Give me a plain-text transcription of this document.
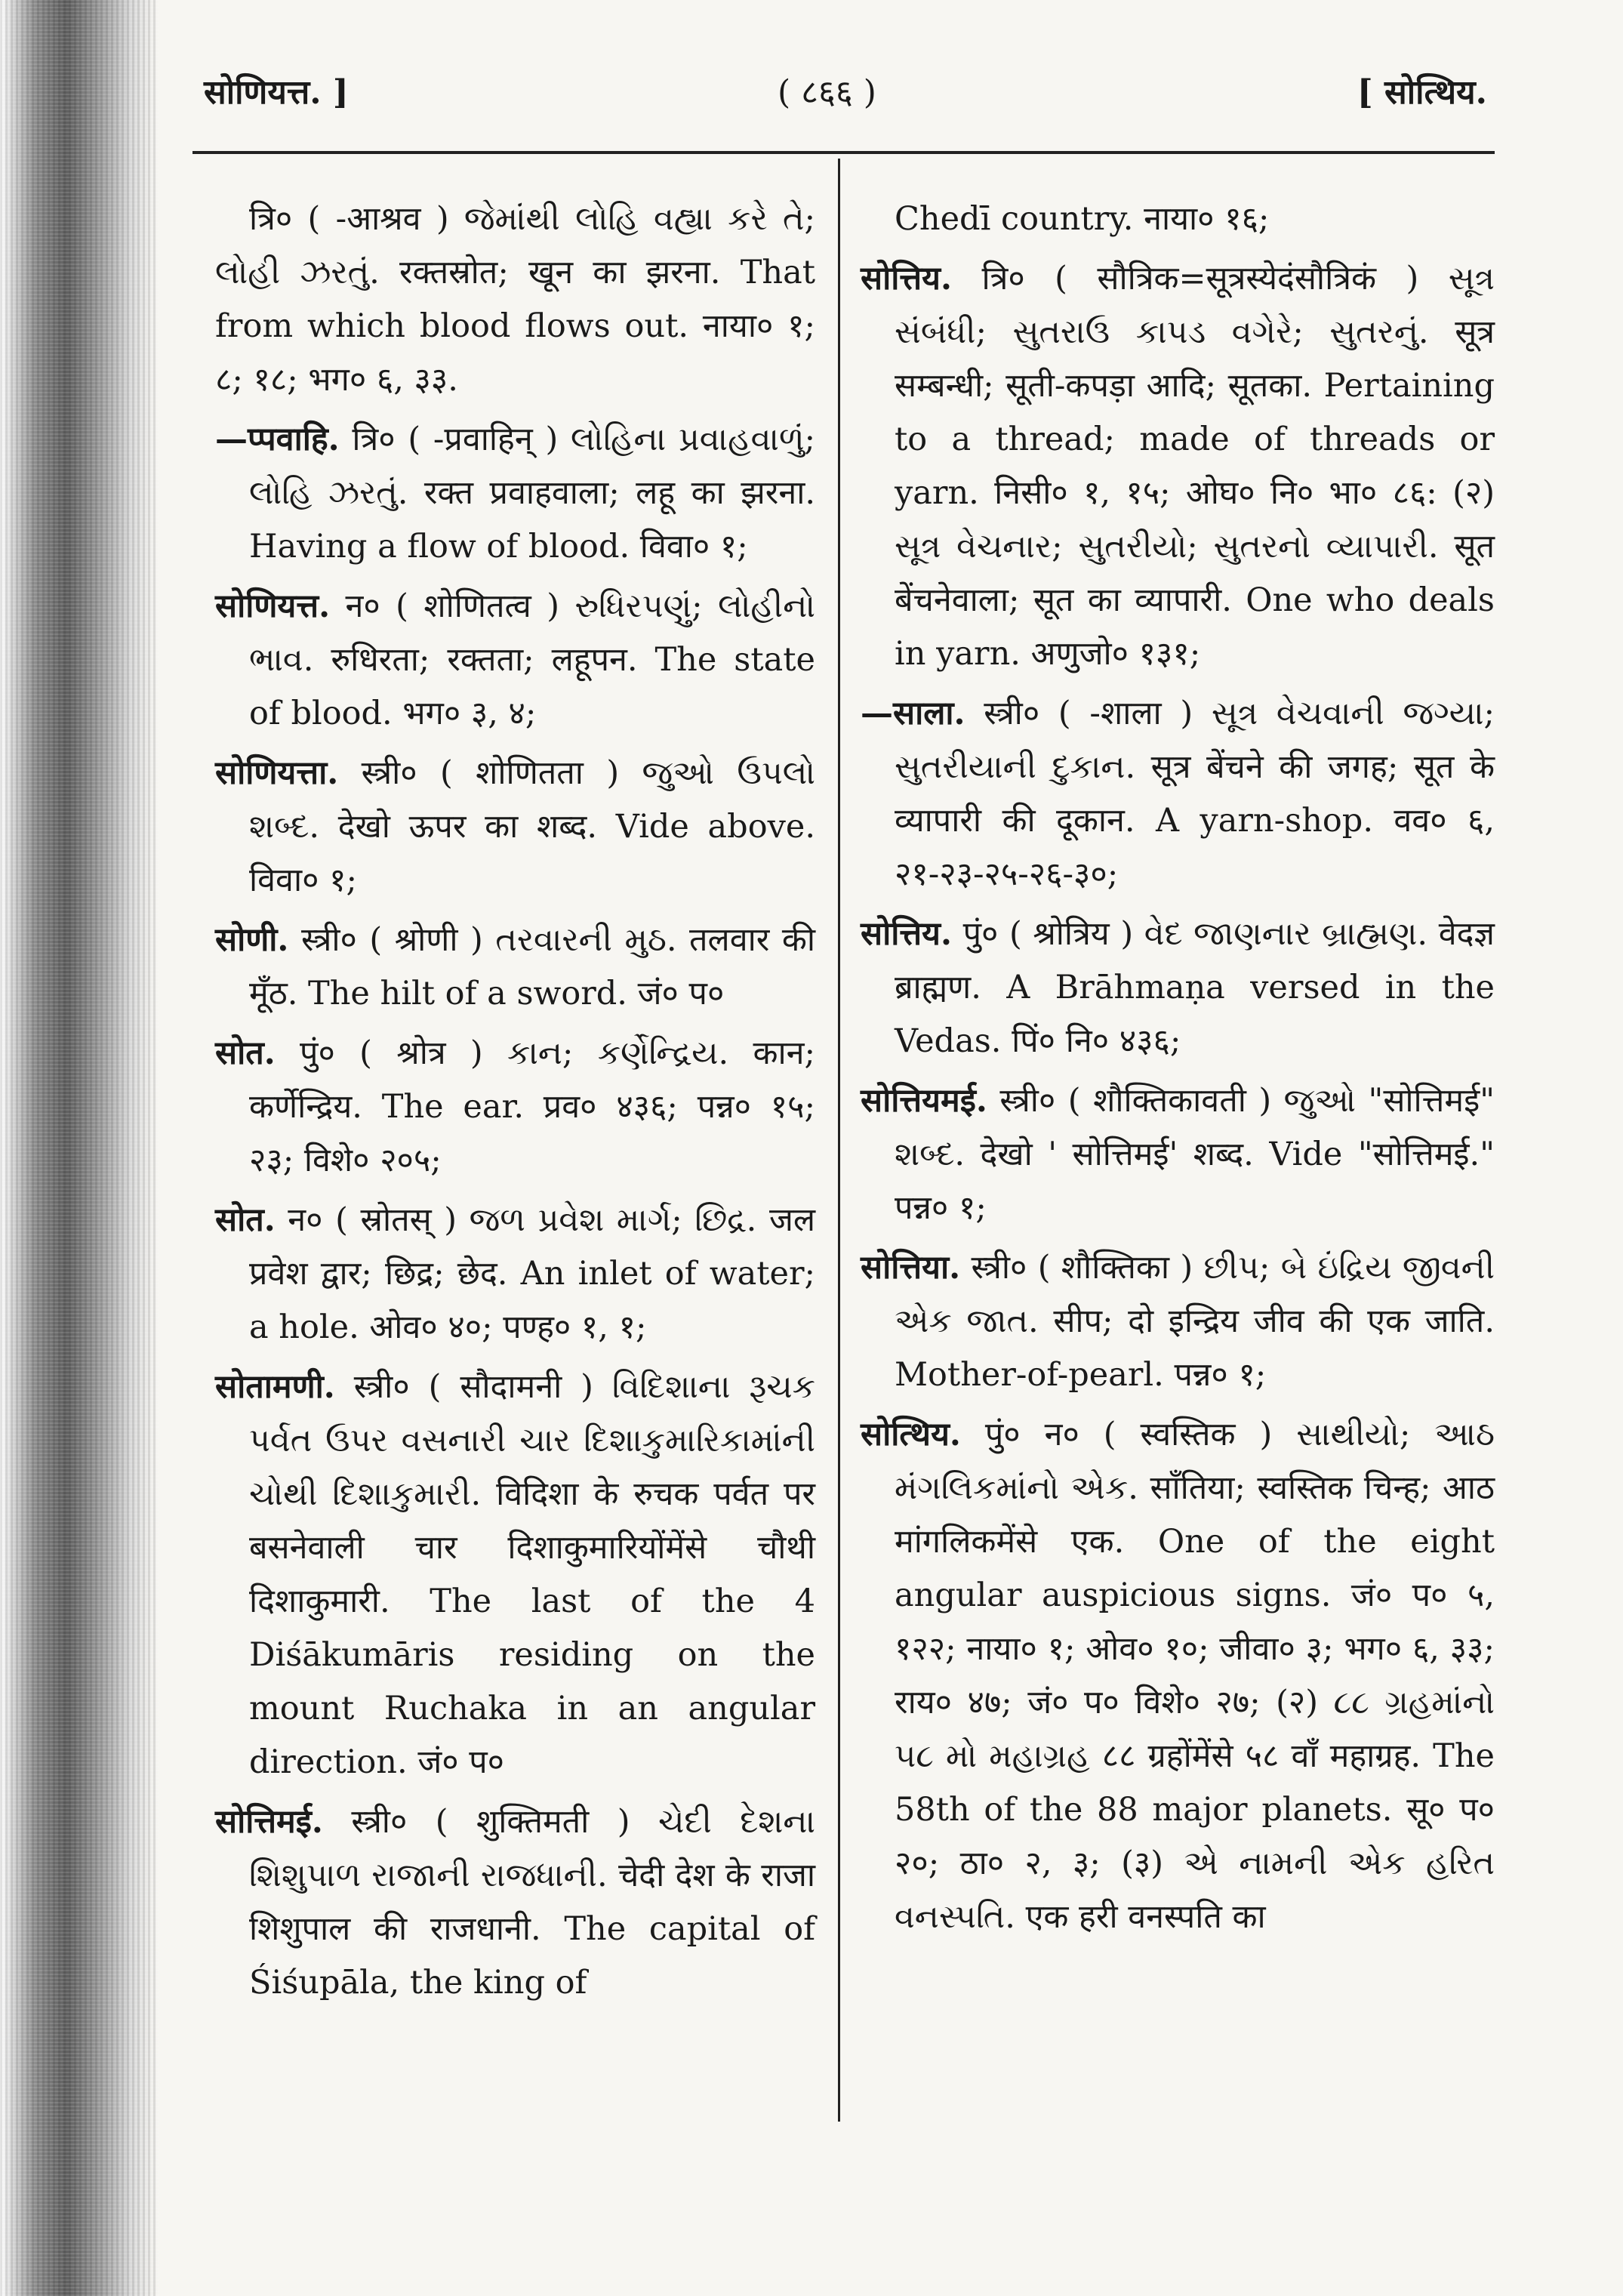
सोणियत्त. ]	( ८६६ )	[ सोत्थिय.

त्रि० ( -आश्रव ) જેમાંથી લોહિ વહ્યા કરે તે; લોહી ઝરતું. रक्तस्रोत; खून का झरना. That from which blood flows out. नाया० १; ८; १८; भग० ६, ३३.

—प्पवाहि. त्रि० ( -प्रवाहिन् ) લોહિના પ્રવાહવાળું; લોહિ ઝરતું. रक्त प्रवाहवाला; लहू का झरना. Having a flow of blood. विवा० १;

सोणियत्त. न० ( शोणितत्व ) રુધિરપણું; લોહીનો ભાવ. रुधिरता; रक्तता; लहूपन. The state of blood. भग० ३, ४;

सोणियत्ता. स्त्री० ( शोणितता ) જુઓ ઉપલો શબ્દ. देखो ऊपर का शब्द. Vide above. विवा० १;

सोणी. स्त्री० ( श्रोणी ) તરવારની મુઠ. तलवार की मूँठ. The hilt of a sword. जं० प०

सोत. पुं० ( श्रोत्र ) કાન; કર્ણેન્દ્રિય. कान; कर्णेन्द्रिय. The ear. प्रव० ४३६; पन्न० १५; २३; विशे० २०५;

सोत. न० ( स्रोतस् ) જળ પ્રવેશ માર્ગ; છિદ્ર. जल प्रवेश द्वार; छिद्र; छेद. An inlet of water; a hole. ओव० ४०; पण्ह० १, १;

सोतामणी. स्त्री० ( सौदामनी ) વિદિશાના રૂચક પર્વત ઉપર વસનારી ચાર દિશાકુમારિકામાંની ચોથી દિશાકુમારી. विदिशा के रुचक पर्वत पर बसनेवाली चार दिशाकुमारियोंमेंसे चौथी दिशाकुमारी. The last of the 4 Diśākumāris residing on the mount Ruchaka in an angular direction. जं० प०

सोत्तिमई. स्त्री० ( शुक्तिमती ) ચેદી દેશના શિશુપાળ રાજાની રાજધાની. चेदी देश के राजा शिशुपाल की राजधानी. The capital of Śiśupāla, the king of

Chedī country. नाया० १६;

सोत्तिय. त्रि० ( सौत्रिक=सूत्रस्येदंसौत्रिकं ) સૂત્ર સંબંધી; સુતરાઉ કાપડ વગેરે; સુતરનું. सूत्र सम्बन्धी; सूती-कपड़ा आदि; सूतका. Pertaining to a thread; made of threads or yarn. निसी० १, १५; ओघ० नि० भा० ८६: (२) સૂત્ર વેચનાર; સુતરીયો; સુતરનો વ્યાપારી. सूत बेंचनेवाला; सूत का व्यापारी. One who deals in yarn. अणुजो० १३१;

—साला. स्त्री० ( -शाला ) સૂત્ર વેચવાની જગ્યા; સુતરીયાની દુકાન. सूत्र बेंचने की जगह; सूत के व्यापारी की दूकान. A yarn-shop. वव० ६, २१-२३-२५-२६-३०;

सोत्तिय. पुं० ( श्रोत्रिय ) વેદ જાણનાર બ્રાહ્મણ. वेदज्ञ ब्राह्मण. A Brāhmaṇa versed in the Vedas. पिं० नि० ४३६;

सोत्तियमई. स्त्री० ( शौक्तिकावती ) જુઓ "सोत्तिमई" શબ્દ. देखो ' सोत्तिमई' शब्द. Vide "सोत्तिमई." पन्न० १;

सोत्तिया. स्त्री० ( शौक्तिका ) છીપ; બે ઇંદ્રિય જીવની એક જાત. सीप; दो इन्द्रिय जीव की एक जाति. Mother-of-pearl. पन्न० १;

सोत्थिय. पुं० न० ( स्वस्तिक ) સાથીયો; આઠ મંગલિકમાંનો એક. साँतिया; स्वस्तिक चिन्ह; आठ मांगलिकमेंसे एक. One of the eight angular auspicious signs. जं० प० ५, १२२; नाया० १; ओव० १०; जीवा० ३; भग० ६, ३३; राय० ४७; जं० प० विशे० २७; (२) ૮૮ ગ્રહમાંનો ૫૮ મો મહાગ્રહ ८८ ग्रहोंमेंसे ५८ वाँ महाग्रह. The 58th of the 88 major planets. सू० प० २०; ठा० २, ३; (३) એ નામની એક હરિત વનસ્પતિ. एक हरी वनस्पति का
